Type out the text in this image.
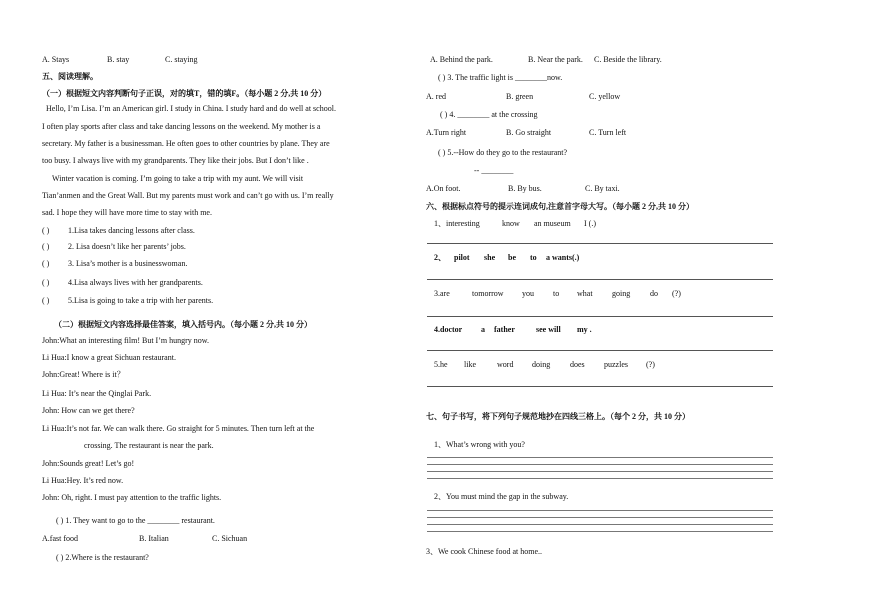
A. Stays	B. stay	C. staying
五、阅读理解。
（一）根据短文内容判断句子正误，对的填T，错的填F。（每小题 2 分,共 10 分）
Hello, I’m Lisa. I’m an American girl. I study in China. I study hard and do well at school.
I often play sports after class and take dancing lessons on the weekend. My mother is a
secretary. My father is a businessman. He often goes to other countries by plane. They are
too busy. I always live with my grandparents. They like their jobs. But I don’t like .
Winter vacation is coming. I’m going to take a trip with my aunt. We will visit
Tian’anmen and the Great Wall. But my parents must work and can’t go with us. I’m really
sad. I hope they will have more time to stay with me.
( ) 1.Lisa takes dancing lessons after class.
( ) 2. Lisa doesn’t like her parents’ jobs.
( ) 3. Lisa’s mother is a businesswoman.
( ) 4.Lisa always lives with her grandparents.
( ) 5.Lisa is going to take a trip with her parents.
（二）根据短文内容选择最佳答案，填入括号内。（每小题 2 分,共 10 分）
John:What an interesting film! But I’m hungry now.
Li Hua:I know a great Sichuan restaurant.
John:Great! Where is it？
Li Hua: It’s near the Qinglai Park.
John: How can we get there?
Li Hua:It’s not far. We can walk there. Go straight for 5 minutes. Then turn left at the
crossing. The restaurant is near the park.
John:Sounds great! Let’s go!
Li Hua:Hey. It’s red now.
John: Oh, right. I must pay attention to the traffic lights.
( ) 1. They want to go to the ________ restaurant.
A.fast food	B. Italian	C. Sichuan
( ) 2.Where is the restaurant?
A. Behind the park.	B. Near the park. C. Beside the library.
( ) 3. The traffic light is ________now.
A. red	B. green	C. yellow
( ) 4. ________ at the crossing
A.Turn right	B. Go straight	C. Turn left
( ) 5.--How do they go to the restaurant?
-- ________
A.On foot.	B. By bus.	C. By taxi.
六、根据标点符号的提示连词成句,注意首字母大写。（每小题 2 分,共 10 分）
1、interesting	know an museum I (.)
2、 pilot she be to a wants(.)
3.are	tomorrow you to what going do (?)
4.doctor a father	see will my .
5.he like	word doing does puzzles (?)
七、句子书写，将下列句子规范地抄在四线三格上。（每个 2 分，共 10 分）
1、What’s wrong with you?
2、You must mind the gap in the subway.
3、We cook Chinese food at home..
